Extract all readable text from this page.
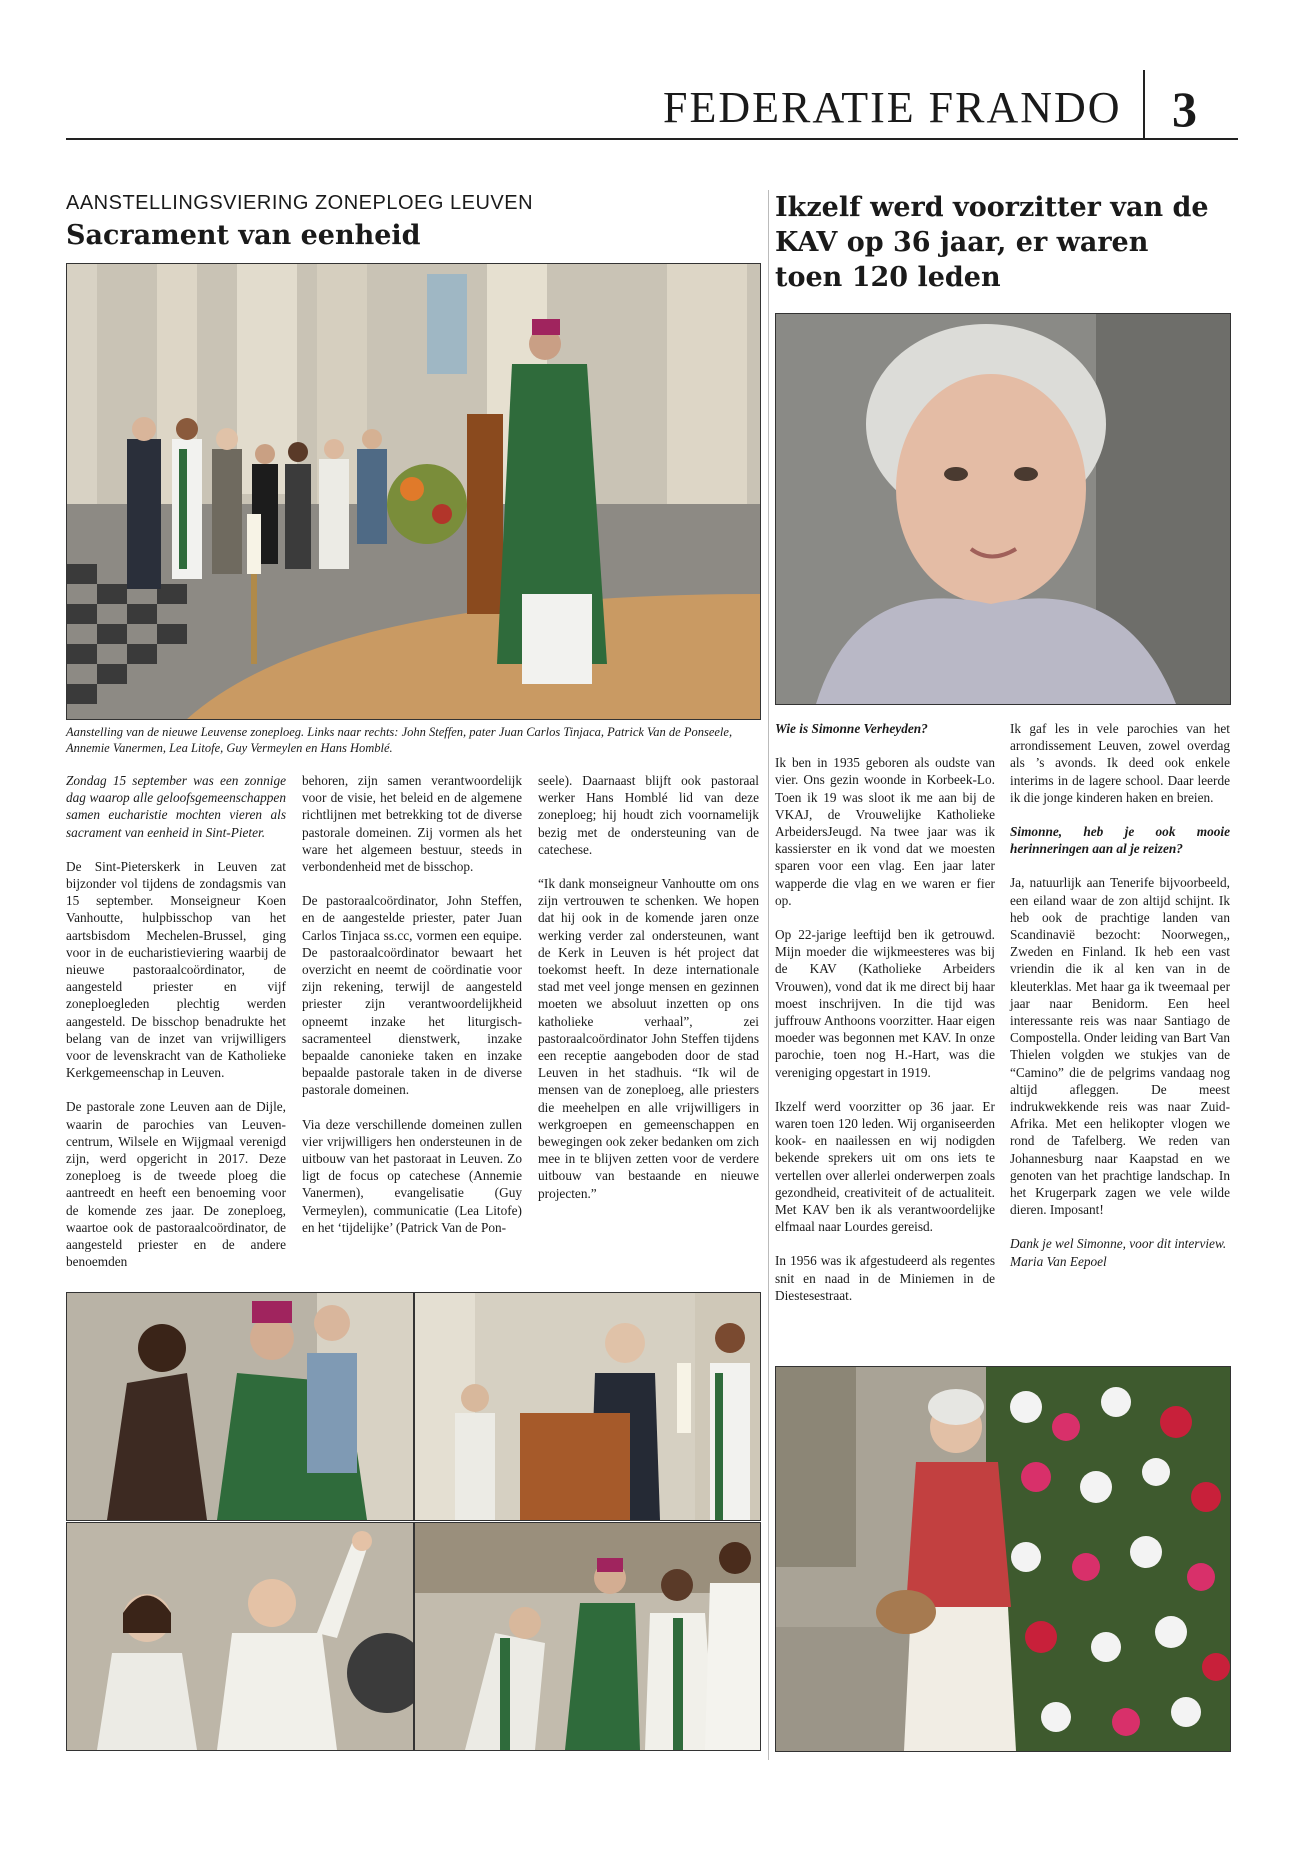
FEDERATIE FRANDO 3
AANSTELLINGSVIERING ZONEPLOEG LEUVEN
Sacrament van eenheid
Aanstelling van de nieuwe Leuvense zoneploeg. Links naar rechts: John Steffen, pater Juan Carlos Tinjaca, Patrick Van de Ponseele, Annemie Vanermen, Lea Litofe, Guy Vermeylen en Hans Homblé.

Zondag 15 september was een zonnige dag waarop alle geloofsgemeenschappen samen eucharistie mochten vieren als sacrament van eenheid in Sint-Pieter.

De Sint-Pieterskerk in Leuven zat bijzonder vol tijdens de zondagsmis van 15 september. Monseigneur Koen Vanhoutte, hulpbisschop van het aartsbisdom Mechelen-Brussel, ging voor in de eucharistieviering waarbij de nieuwe pastoraalcoördinator, de aangesteld priester en vijf zoneploegleden plechtig werden aangesteld. De bisschop benadrukte het belang van de inzet van vrijwilligers voor de levenskracht van de Katholieke Kerkgemeenschap in Leuven.

De pastorale zone Leuven aan de Dijle, waarin de parochies van Leuven-centrum, Wilsele en Wijgmaal verenigd zijn, werd opgericht in 2017. Deze zoneploeg is de tweede ploeg die aantreedt en heeft een benoeming voor de komende zes jaar. De zoneploeg, waartoe ook de pastoraalcoördinator, de aangesteld priester en de andere benoemden

behoren, zijn samen verantwoordelijk voor de visie, het beleid en de algemene richtlijnen met betrekking tot de diverse pastorale domeinen. Zij vormen als het ware het algemeen bestuur, steeds in verbondenheid met de bisschop.

De pastoraalcoördinator, John Steffen, en de aangestelde priester, pater Juan Carlos Tinjaca ss.cc, vormen een equipe. De pastoraalcoördinator bewaart het overzicht en neemt de coördinatie voor zijn rekening, terwijl de aangesteld priester zijn verantwoordelijkheid opneemt inzake het liturgisch-sacramenteel dienstwerk, inzake bepaalde canonieke taken en inzake bepaalde pastorale taken in de diverse pastorale domeinen.

Via deze verschillende domeinen zullen vier vrijwilligers hen ondersteunen in de uitbouw van het pastoraat in Leuven. Zo ligt de focus op catechese (Annemie Vanermen), evangelisatie (Guy Vermeylen), communicatie (Lea Litofe) en het ‘tijdelijke’ (Patrick Van de Pon-

seele). Daarnaast blijft ook pastoraal werker Hans Homblé lid van deze zoneploeg; hij houdt zich voornamelijk bezig met de ondersteuning van de catechese.

“Ik dank monseigneur Vanhoutte om ons zijn vertrouwen te schenken. We hopen dat hij ook in de komende jaren onze werking verder zal ondersteunen, want de Kerk in Leuven is hét project dat toekomst heeft. In deze internationale stad met veel jonge mensen en gezinnen moeten we absoluut inzetten op ons katholieke verhaal”, zei pastoraalcoördinator John Steffen tijdens een receptie aangeboden door de stad Leuven in het stadhuis. “Ik wil de mensen van de zoneploeg, alle priesters die meehelpen en alle vrijwilligers in werkgroepen en gemeenschappen en bewegingen ook zeker bedanken om zich mee in te blijven zetten voor de verdere uitbouw van bestaande en nieuwe projecten.”

Ikzelf werd voorzitter van de KAV op 36 jaar, er waren toen 120 leden

Wie is Simonne Verheyden?

Ik ben in 1935 geboren als oudste van vier. Ons gezin woonde in Korbeek-Lo. Toen ik 19 was sloot ik me aan bij de VKAJ, de Vrouwelijke Katholieke ArbeidersJeugd. Na twee jaar was ik kassierster en ik vond dat we moesten sparen voor een vlag. Een jaar later wapperde die vlag en we waren er fier op.

Op 22-jarige leeftijd ben ik getrouwd. Mijn moeder die wijkmeesteres was bij de KAV (Katholieke Arbeiders Vrouwen), vond dat ik me direct bij haar moest inschrijven. In die tijd was juffrouw Anthoons voorzitter. Haar eigen moeder was begonnen met KAV. In onze parochie, toen nog H.-Hart, was die vereniging opgestart in 1919.

Ikzelf werd voorzitter op 36 jaar. Er waren toen 120 leden. Wij organiseerden kook- en naailessen en wij nodigden bekende sprekers uit om ons iets te vertellen over allerlei onderwerpen zoals gezondheid, creativiteit of de actualiteit. Met KAV ben ik als verantwoordelijke elfmaal naar Lourdes gereisd.

In 1956 was ik afgestudeerd als regentes snit en naad in de Miniemen in de Diestesestraat.

Ik gaf les in vele parochies van het arrondissement Leuven, zowel overdag als ’s avonds. Ik deed ook enkele interims in de lagere school. Daar leerde ik die jonge kinderen haken en breien.

Simonne, heb je ook mooie herinneringen aan al je reizen?

Ja, natuurlijk aan Tenerife bijvoorbeeld, een eiland waar de zon altijd schijnt. Ik heb ook de prachtige landen van Scandinavië bezocht: Noorwegen,, Zweden en Finland. Ik heb een vast vriendin die ik al ken van in de kleuterklas. Met haar ga ik tweemaal per jaar naar Benidorm. Een heel interessante reis was naar Santiago de Compostella. Onder leiding van Bart Van Thielen volgden we stukjes van de “Camino” die de pelgrims vandaag nog altijd afleggen. De meest indrukwekkende reis was naar Zuid-Afrika. Met een helikopter vlogen we rond de Tafelberg. We reden van Johannesburg naar Kaapstad en we genoten van het prachtige landschap. In het Krugerpark zagen we vele wilde dieren. Imposant!

Dank je wel Simonne, voor dit interview.

Maria Van Eepoel
